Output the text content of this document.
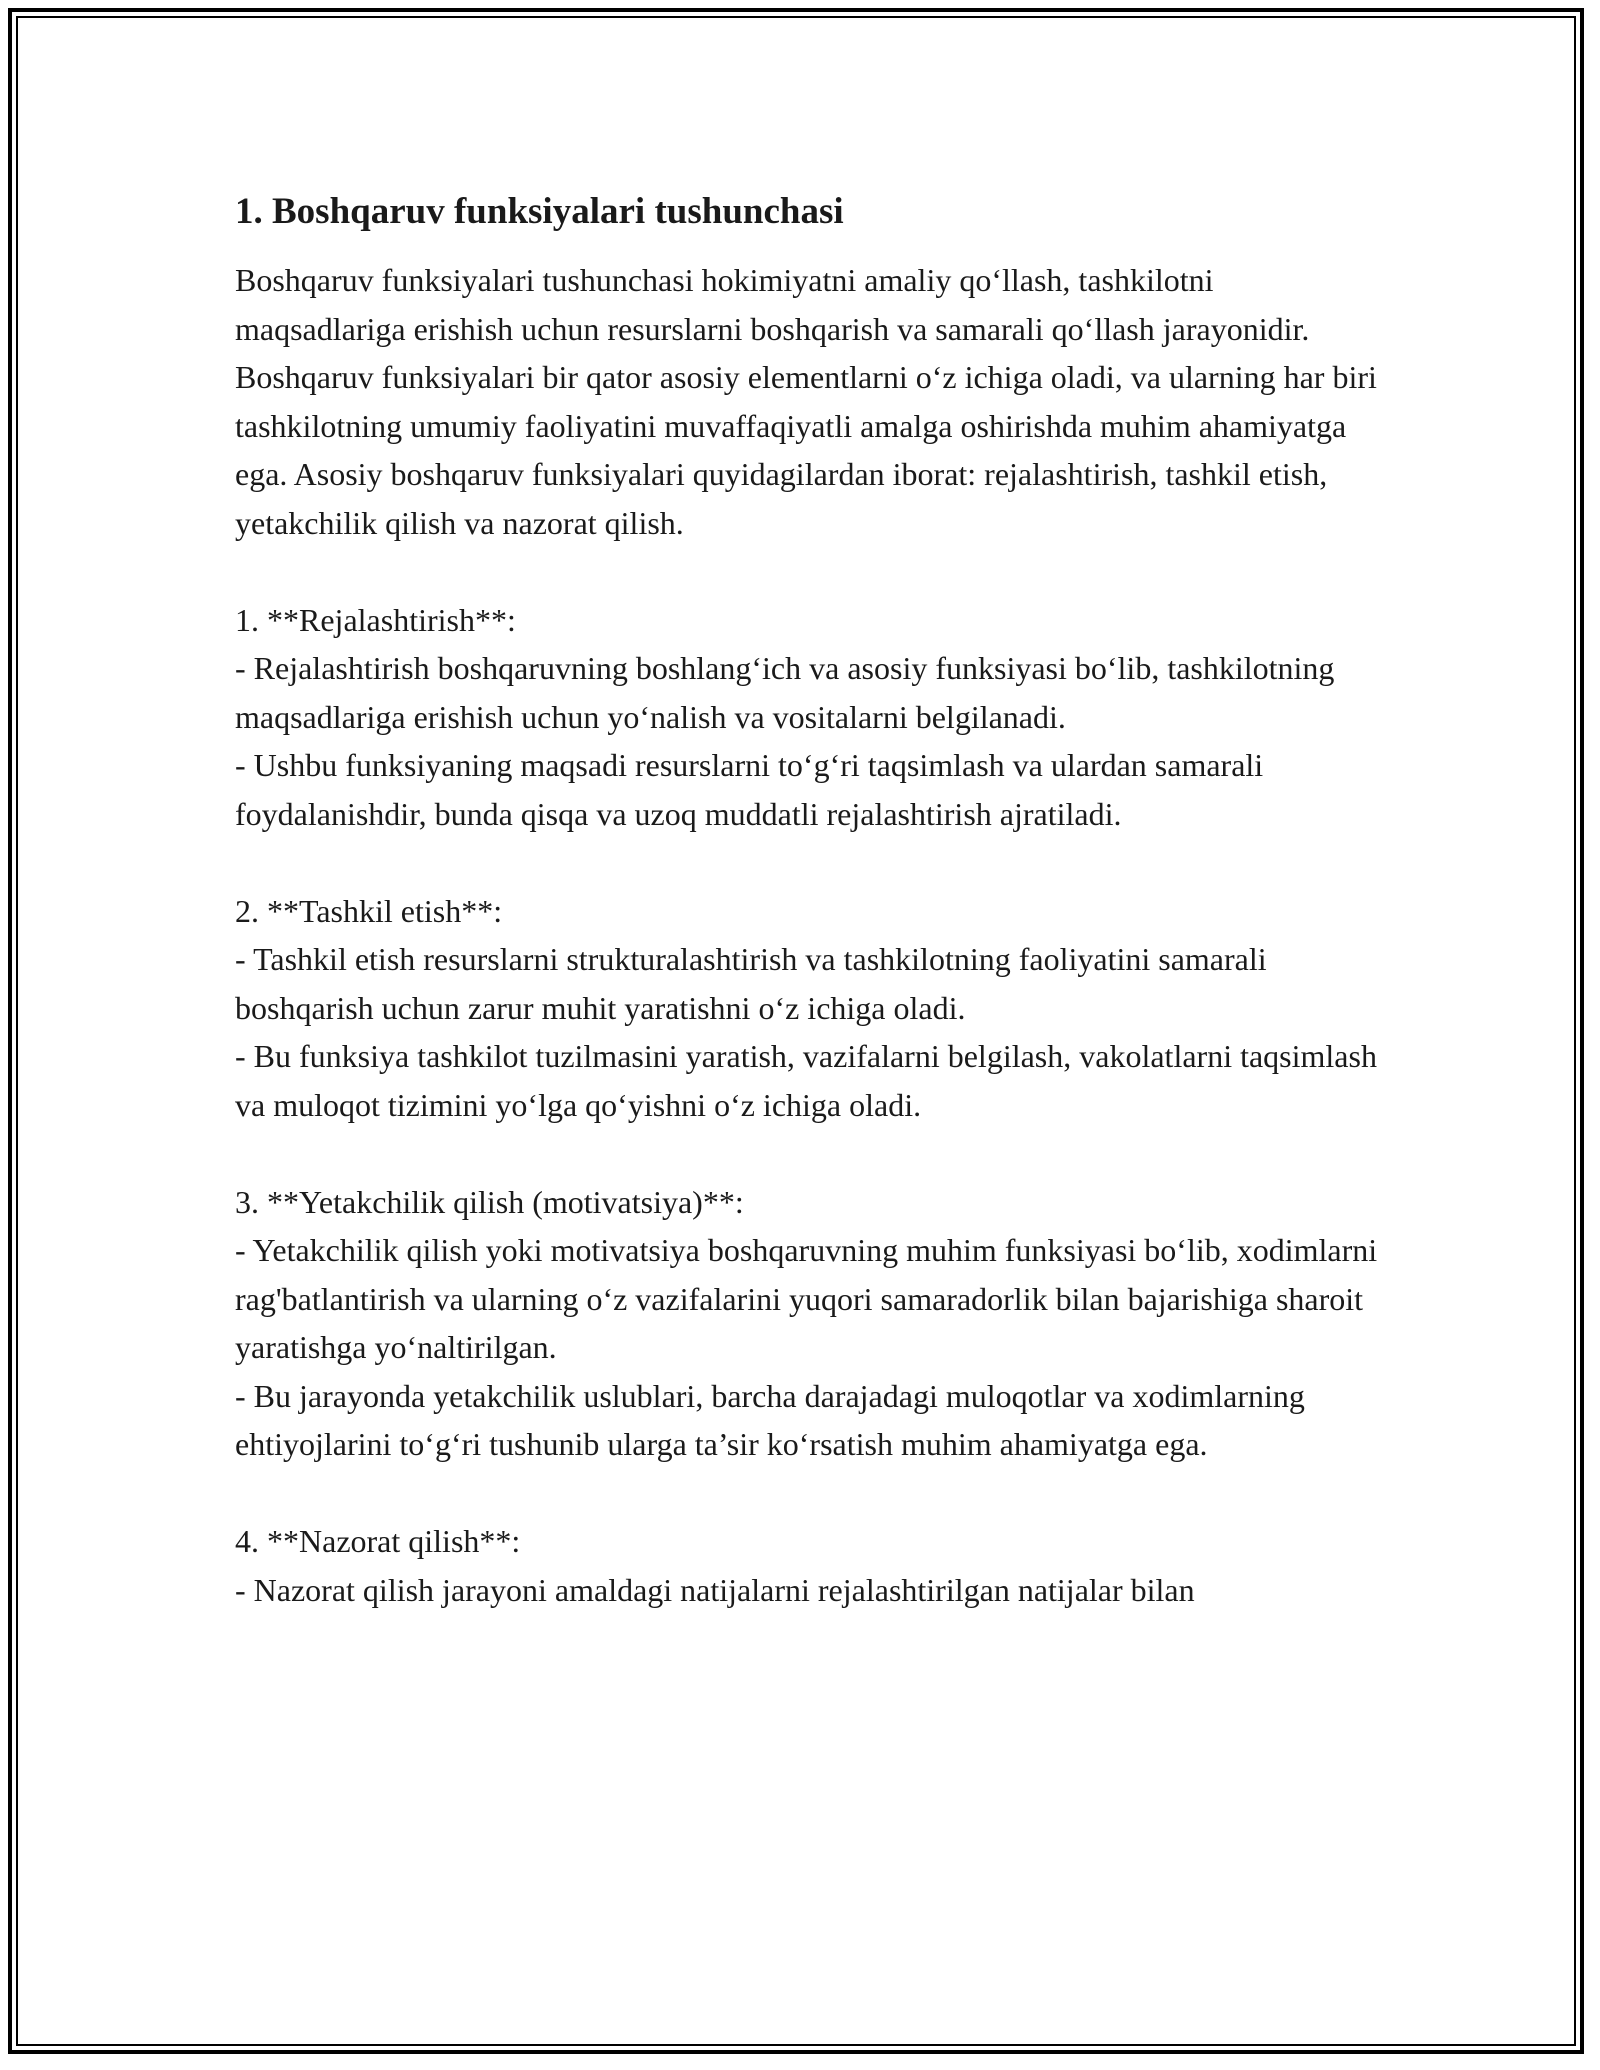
1. Boshqaruv funksiyalari tushunchasi

Boshqaruv funksiyalari tushunchasi hokimiyatni amaliy qo‘llash, tashkilotni maqsadlariga erishish uchun resurslarni boshqarish va samarali qo‘llash jarayonidir. Boshqaruv funksiyalari bir qator asosiy elementlarni o‘z ichiga oladi, va ularning har biri tashkilotning umumiy faoliyatini muvaffaqiyatli amalga oshirishda muhim ahamiyatga ega. Asosiy boshqaruv funksiyalari quyidagilardan iborat: rejalashtirish, tashkil etish, yetakchilik qilish va nazorat qilish.

1. **Rejalashtirish**:

- Rejalashtirish boshqaruvning boshlang‘ich va asosiy funksiyasi bo‘lib, tashkilotning maqsadlariga erishish uchun yo‘nalish va vositalarni belgilanadi.

- Ushbu funksiyaning maqsadi resurslarni to‘g‘ri taqsimlash va ulardan samarali foydalanishdir, bunda qisqa va uzoq muddatli rejalashtirish ajratiladi.

2. **Tashkil etish**:

- Tashkil etish resurslarni strukturalashtirish va tashkilotning faoliyatini samarali boshqarish uchun zarur muhit yaratishni o‘z ichiga oladi.

- Bu funksiya tashkilot tuzilmasini yaratish, vazifalarni belgilash, vakolatlarni taqsimlash va muloqot tizimini yo‘lga qo‘yishni o‘z ichiga oladi.

3. **Yetakchilik qilish (motivatsiya)**:

- Yetakchilik qilish yoki motivatsiya boshqaruvning muhim funksiyasi bo‘lib, xodimlarni rag'batlantirish va ularning o‘z vazifalarini yuqori samaradorlik bilan bajarishiga sharoit yaratishga yo‘naltirilgan.

- Bu jarayonda yetakchilik uslublari, barcha darajadagi muloqotlar va xodimlarning ehtiyojlarini to‘g‘ri tushunib ularga ta’sir ko‘rsatish muhim ahamiyatga ega.

4. **Nazorat qilish**:

- Nazorat qilish jarayoni amaldagi natijalarni rejalashtirilgan natijalar bilan
